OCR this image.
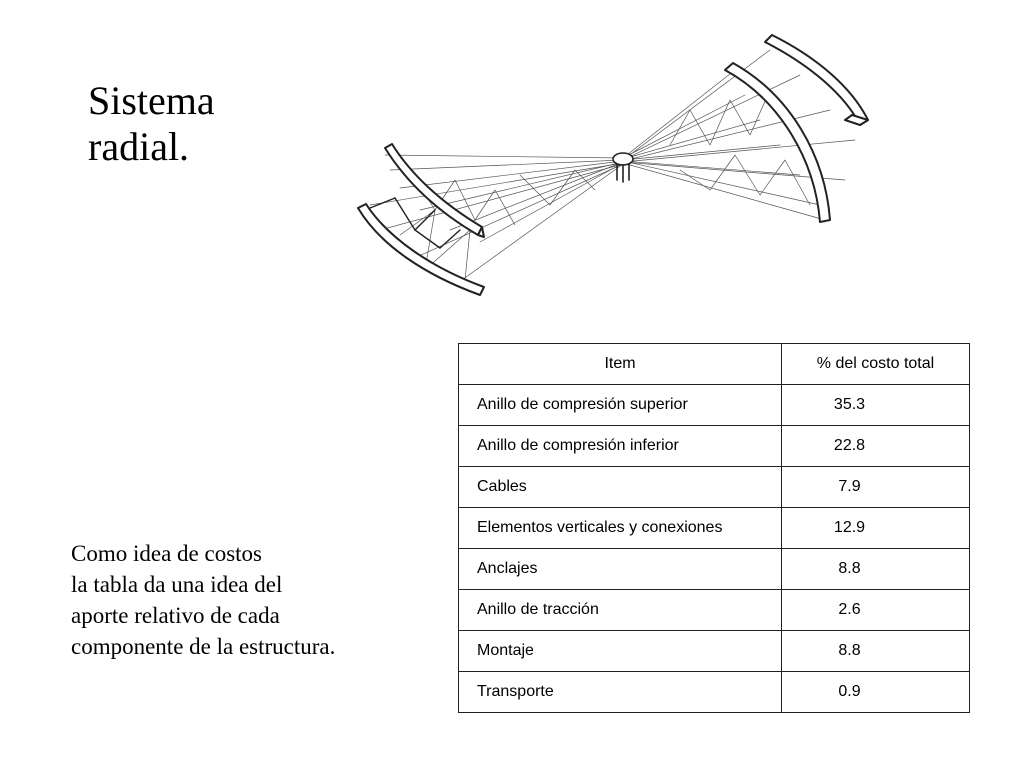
Sistema
radial.
Como idea de costos
la tabla da una idea del
aporte relativo de cada
componente de la estructura.
Item	% del costo total
Anillo de compresión superior	35.3
Anillo de compresión inferior	22.8
Cables	7.9
Elementos verticales y conexiones	12.9
Anclajes	8.8
Anillo de tracción	2.6
Montaje	8.8
Transporte	0.9
